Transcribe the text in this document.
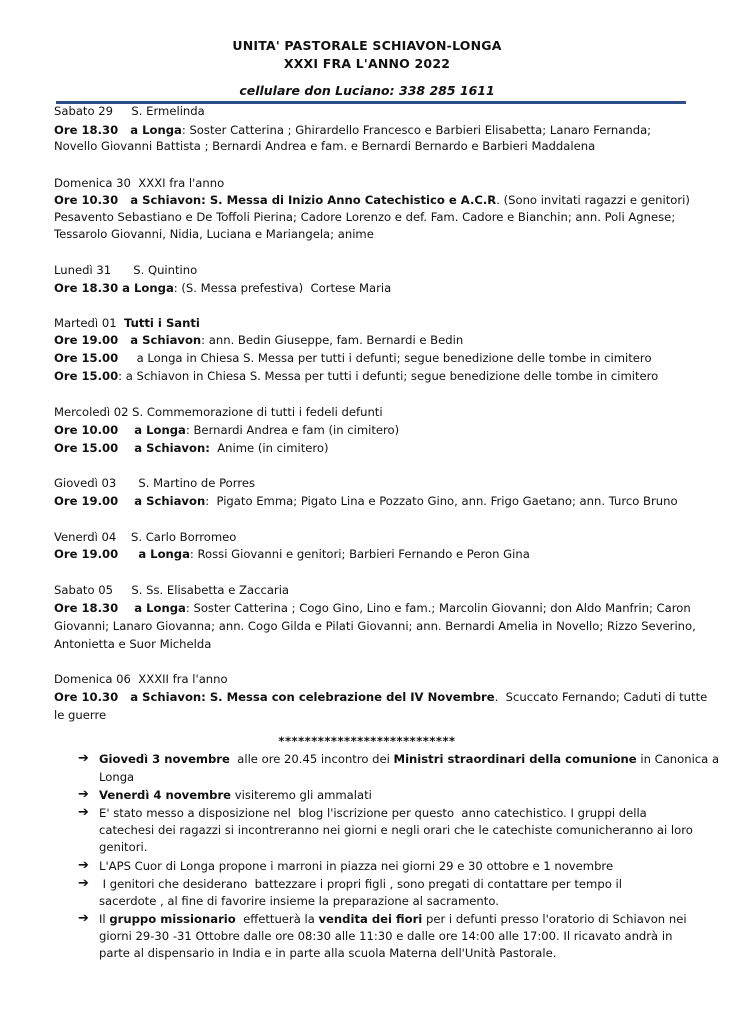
UNITA' PASTORALE SCHIAVON-LONGA
XXXI FRA L'ANNO 2022
cellulare don Luciano: 338 285 1611
Sabato 29     S. Ermelinda
Ore 18.30   a Longa: Soster Catterina ; Ghirardello Francesco e Barbieri Elisabetta; Lanaro Fernanda;
Novello Giovanni Battista ; Bernardi Andrea e fam. e Bernardi Bernardo e Barbieri Maddalena
Domenica 30  XXXI fra l'anno
Ore 10.30   a Schiavon: S. Messa di Inizio Anno Catechistico e A.C.R. (Sono invitati ragazzi e genitori)
Pesavento Sebastiano e De Toffoli Pierina; Cadore Lorenzo e def. Fam. Cadore e Bianchin; ann. Poli Agnese;
Tessarolo Giovanni, Nidia, Luciana e Mariangela; anime
Lunedì 31      S. Quintino
Ore 18.30 a Longa: (S. Messa prefestiva)  Cortese Maria
Martedì 01  Tutti i Santi
Ore 19.00   a Schiavon: ann. Bedin Giuseppe, fam. Bernardi e Bedin
Ore 15.00     a Longa in Chiesa S. Messa per tutti i defunti; segue benedizione delle tombe in cimitero
Ore 15.00: a Schiavon in Chiesa S. Messa per tutti i defunti; segue benedizione delle tombe in cimitero
Mercoledì 02 S. Commemorazione di tutti i fedeli defunti
Ore 10.00    a Longa: Bernardi Andrea e fam (in cimitero)
Ore 15.00    a Schiavon:  Anime (in cimitero)
Giovedì 03      S. Martino de Porres
Ore 19.00    a Schiavon:  Pigato Emma; Pigato Lina e Pozzato Gino, ann. Frigo Gaetano; ann. Turco Bruno
Venerdì 04    S. Carlo Borromeo
Ore 19.00     a Longa: Rossi Giovanni e genitori; Barbieri Fernando e Peron Gina
Sabato 05     S. Ss. Elisabetta e Zaccaria
Ore 18.30    a Longa: Soster Catterina ; Cogo Gino, Lino e fam.; Marcolin Giovanni; don Aldo Manfrin; Caron
Giovanni; Lanaro Giovanna; ann. Cogo Gilda e Pilati Giovanni; ann. Bernardi Amelia in Novello; Rizzo Severino,
Antonietta e Suor Michelda
Domenica 06  XXXII fra l'anno
Ore 10.30   a Schiavon: S. Messa con celebrazione del IV Novembre.  Scuccato Fernando; Caduti di tutte
le guerre
***************************
➔ Giovedì 3 novembre  alle ore 20.45 incontro dei Ministri straordinari della comunione in Canonica a
Longa
➔ Venerdì 4 novembre visiteremo gli ammalati
➔ E' stato messo a disposizione nel  blog l'iscrizione per questo  anno catechistico. I gruppi della
catechesi dei ragazzi si incontreranno nei giorni e negli orari che le catechiste comunicheranno ai loro
genitori.
➔ L'APS Cuor di Longa propone i marroni in piazza nei giorni 29 e 30 ottobre e 1 novembre
➔ I genitori che desiderano  battezzare i propri figli , sono pregati di contattare per tempo il
sacerdote , al fine di favorire insieme la preparazione al sacramento.
➔ Il gruppo missionario  effettuerà la vendita dei fiori per i defunti presso l'oratorio di Schiavon nei
giorni 29-30 -31 Ottobre dalle ore 08:30 alle 11:30 e dalle ore 14:00 alle 17:00. Il ricavato andrà in
parte al dispensario in India e in parte alla scuola Materna dell'Unità Pastorale.
